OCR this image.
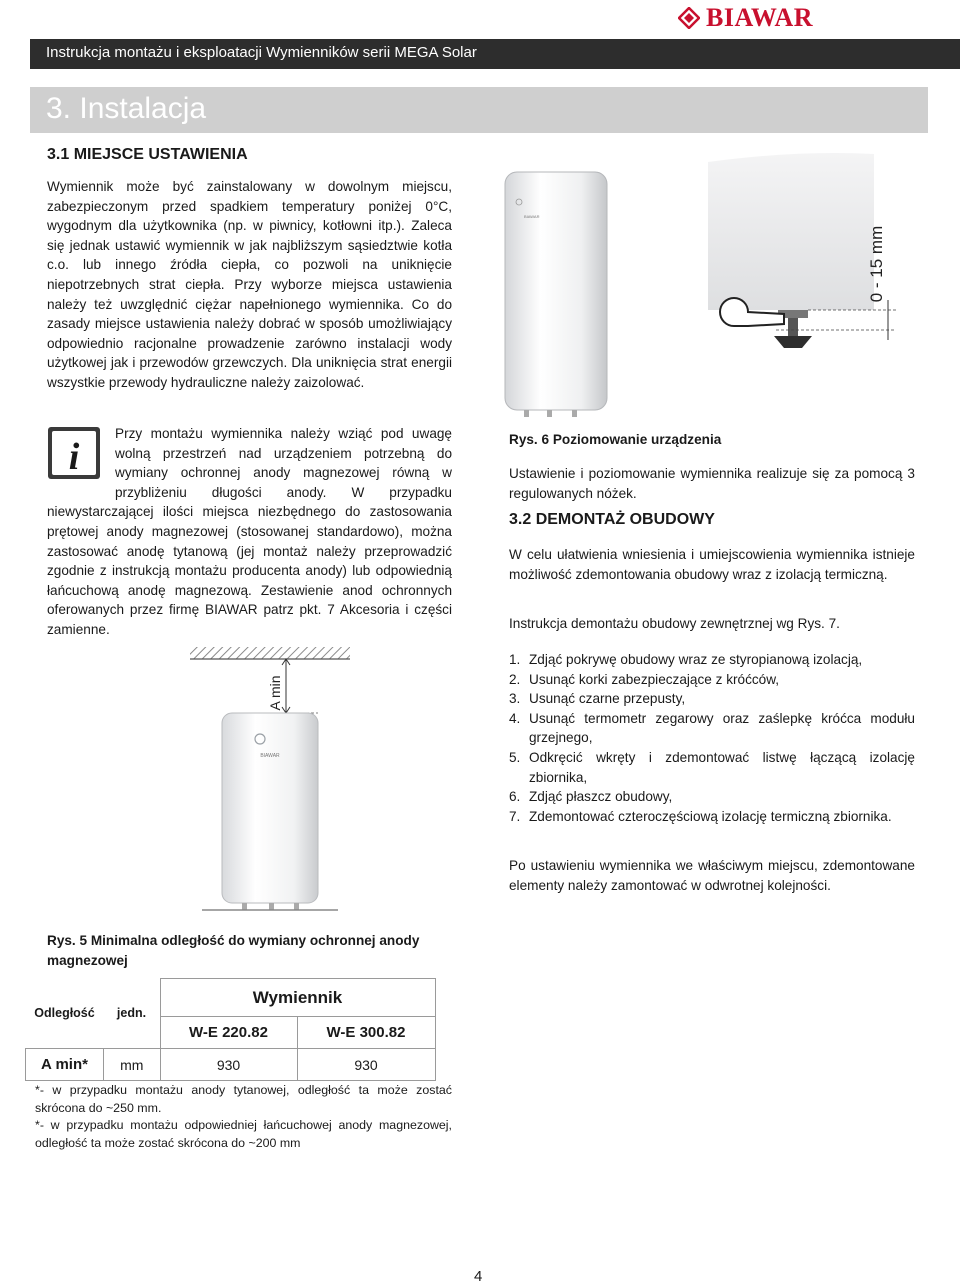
BIAWAR
Instrukcja montażu i eksploatacji Wymienników serii MEGA Solar
3. Instalacja
3.1 MIEJSCE USTAWIENIA

Wymiennik może być zainstalowany w dowolnym miejscu, zabezpieczonym przed spadkiem temperatury poniżej 0°C, wygodnym dla użytkownika (np. w piwnicy, kotłowni itp.). Zaleca się jednak ustawić wymiennik w jak najbliższym sąsiedztwie kotła c.o. lub innego źródła ciepła, co pozwoli na uniknięcie niepotrzebnych strat ciepła. Przy wyborze miejsca ustawienia należy też uwzględnić ciężar napełnionego wymiennika. Co do zasady miejsce ustawienia należy dobrać w sposób umożliwiający odpowiednio racjonalne prowadzenie zarówno instalacji wody użytkowej jak i przewodów grzewczych. Dla uniknięcia strat energii wszystkie przewody hydrauliczne należy zaizolować.

i

Przy montażu wymiennika należy wziąć pod uwagę wolną przestrzeń nad urządzeniem potrzebną do wymiany ochronnej anody magnezowej równą w przybliżeniu długości anody. W przypadku niewystarczającej ilości miejsca niezbędnego do zastosowania prętowej anody magnezowej (stosowanej standardowo), można zastosować anodę tytanową (jej montaż należy przeprowadzić zgodnie z instrukcją montażu producenta anody) lub odpowiednią łańcuchową anodę magnezową. Zestawienie anod ochronnych oferowanych przez firmę BIAWAR patrz pkt. 7 Akcesoria i części zamienne.

A min
BIAWAR
Rys. 5 Minimalna odległość do wymiany ochronnej anody magnezowej
Odległość	jedn.	Wymiennik	
		W-E 220.82	W-E 300.82
A min*	mm	930	930

*- w przypadku montażu anody tytanowej, odległość ta może zostać skrócona do ~250 mm.

*- w przypadku montażu odpowiedniej łańcuchowej anody magnezowej, odległość ta może zostać skrócona do ~200 mm

BIAWAR
0 - 15 mm
Rys. 6 Poziomowanie urządzenia

Ustawienie i poziomowanie wymiennika realizuje się za pomocą 3 regulowanych nóżek.

3.2 DEMONTAŻ OBUDOWY

W celu ułatwienia wniesienia i umiejscowienia wymiennika istnieje możliwość zdemontowania obudowy wraz z izolacją termiczną.

Instrukcja demontażu obudowy zewnętrznej wg Rys. 7.

1. Zdjąć pokrywę obudowy wraz ze styropianową izolacją,
2. Usunąć korki zabezpieczające z króćców,
3. Usunąć czarne przepusty,
4. Usunąć termometr zegarowy oraz zaślepkę króćca modułu grzejnego,
5. Odkręcić wkręty i zdemontować listwę łączącą izolację zbiornika,
6. Zdjąć płaszcz obudowy,
7. Zdemontować czteroczęściową izolację termiczną zbiornika.

Po ustawieniu wymiennika we właściwym miejscu, zdemontowane elementy należy zamontować w odwrotnej kolejności.

4
